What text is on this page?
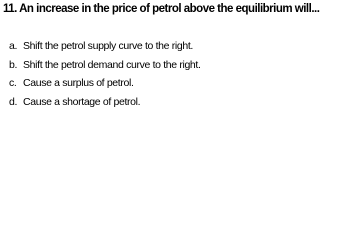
11. An increase in the price of petrol above the equilibrium will...

a. Shift the petrol supply curve to the right.
b. Shift the petrol demand curve to the right.
c. Cause a surplus of petrol.
d. Cause a shortage of petrol.
